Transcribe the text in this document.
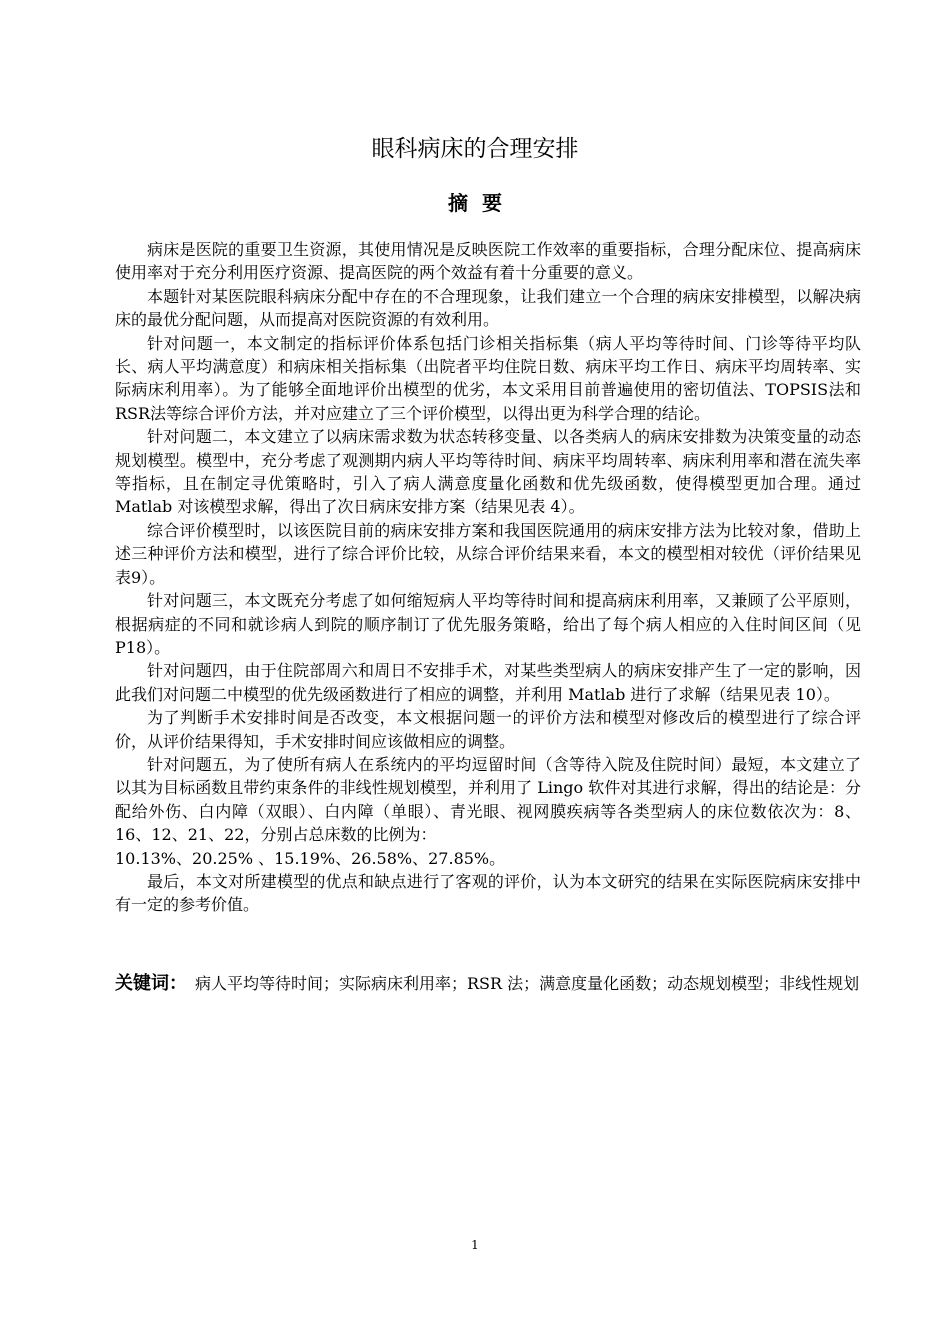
眼科病床的合理安排
摘要

病床是医院的重要卫生资源，其使用情况是反映医院工作效率的重要指标，合理分配床位、提高病床使用率对于充分利用医疗资源、提高医院的两个效益有着十分重要的意义。

本题针对某医院眼科病床分配中存在的不合理现象，让我们建立一个合理的病床安排模型，以解决病床的最优分配问题，从而提高对医院资源的有效利用。

针对问题一，本文制定的指标评价体系包括门诊相关指标集（病人平均等待时间、门诊等待平均队长、病人平均满意度）和病床相关指标集（出院者平均住院日数、病床平均工作日、病床平均周转率、实际病床利用率）。为了能够全面地评价出模型的优劣，本文采用目前普遍使用的密切值法、TOPSIS法和RSR法等综合评价方法，并对应建立了三个评价模型，以得出更为科学合理的结论。

针对问题二，本文建立了以病床需求数为状态转移变量、以各类病人的病床安排数为决策变量的动态规划模型。模型中，充分考虑了观测期内病人平均等待时间、病床平均周转率、病床利用率和潜在流失率等指标，且在制定寻优策略时，引入了病人满意度量化函数和优先级函数，使得模型更加合理。通过 Matlab 对该模型求解，得出了次日病床安排方案（结果见表 4）。

综合评价模型时，以该医院目前的病床安排方案和我国医院通用的病床安排方法为比较对象，借助上述三种评价方法和模型，进行了综合评价比较，从综合评价结果来看，本文的模型相对较优（评价结果见表9）。

针对问题三，本文既充分考虑了如何缩短病人平均等待时间和提高病床利用率，又兼顾了公平原则，根据病症的不同和就诊病人到院的顺序制订了优先服务策略，给出了每个病人相应的入住时间区间（见 P18）。

针对问题四，由于住院部周六和周日不安排手术，对某些类型病人的病床安排产生了一定的影响，因此我们对问题二中模型的优先级函数进行了相应的调整，并利用 Matlab 进行了求解（结果见表 10）。

为了判断手术安排时间是否改变，本文根据问题一的评价方法和模型对修改后的模型进行了综合评价，从评价结果得知，手术安排时间应该做相应的调整。

针对问题五，为了使所有病人在系统内的平均逗留时间（含等待入院及住院时间）最短，本文建立了以其为目标函数且带约束条件的非线性规划模型，并利用了 Lingo 软件对其进行求解，得出的结论是：分配给外伤、白内障（双眼）、白内障（单眼）、青光眼、视网膜疾病等各类型病人的床位数依次为：8、16、12、21、22，分别占总床数的比例为：

10.13%、20.25% 、15.19%、26.58%、27.85%。

最后，本文对所建模型的优点和缺点进行了客观的评价，认为本文研究的结果在实际医院病床安排中有一定的参考价值。

关键词： 病人平均等待时间；实际病床利用率；RSR 法；满意度量化函数；动态规划模型；非线性规划

1
